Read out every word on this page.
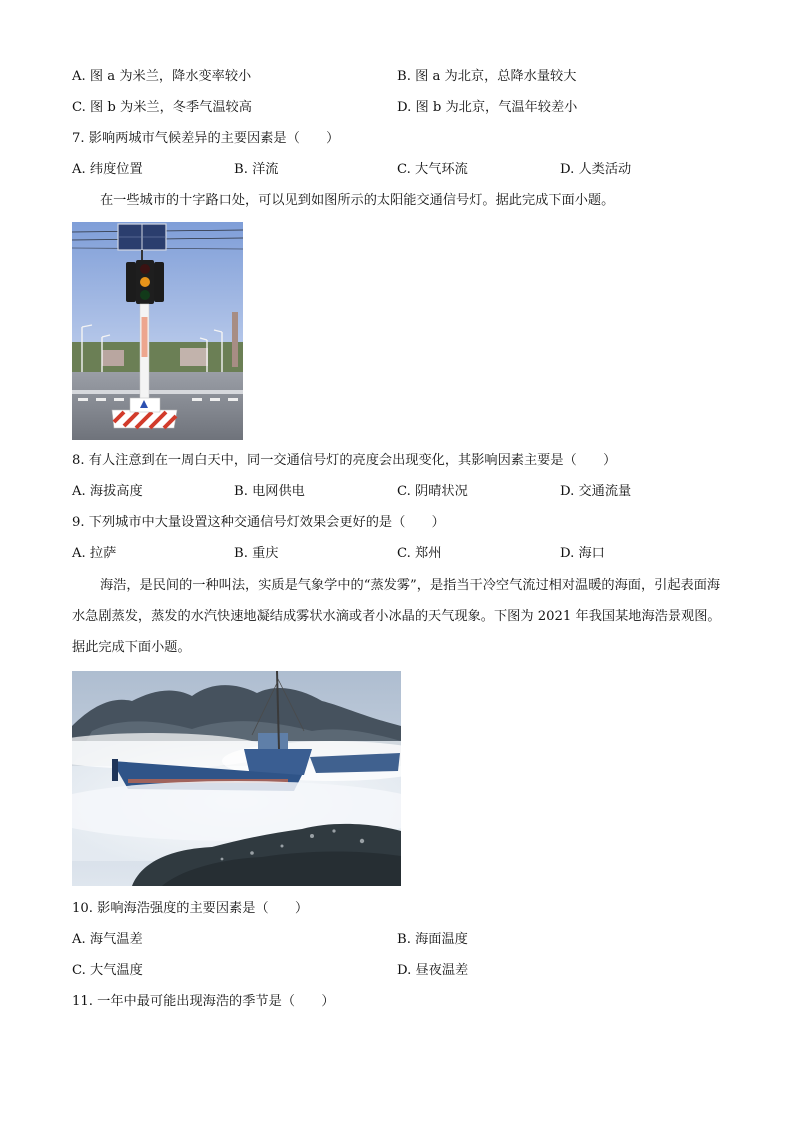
A. 图 a 为米兰，降水变率较小	B. 图 a 为北京，总降水量较大
C. 图 b 为米兰，冬季气温较高	D. 图 b 为北京，气温年较差小
7. 影响两城市气候差异的主要因素是（　　）
A. 纬度位置	B. 洋流	C. 大气环流	D. 人类活动
在一些城市的十字路口处，可以见到如图所示的太阳能交通信号灯。据此完成下面小题。
8. 有人注意到在一周白天中，同一交通信号灯的亮度会出现变化，其影响因素主要是（　　）
A. 海拔高度	B. 电网供电	C. 阴晴状况	D. 交通流量
9. 下列城市中大量设置这种交通信号灯效果会更好的是（　　）
A. 拉萨	B. 重庆	C. 郑州	D. 海口
海浩，是民间的一种叫法，实质是气象学中的“蒸发雾”，是指当干冷空气流过相对温暖的海面，引起表面海水急剧蒸发，蒸发的水汽快速地凝结成雾状水滴或者小冰晶的天气现象。下图为 2021 年我国某地海浩景观图。据此完成下面小题。
10. 影响海浩强度的主要因素是（　　）
A. 海气温差	B. 海面温度
C. 大气温度	D. 昼夜温差
11. 一年中最可能出现海浩的季节是（　　）
